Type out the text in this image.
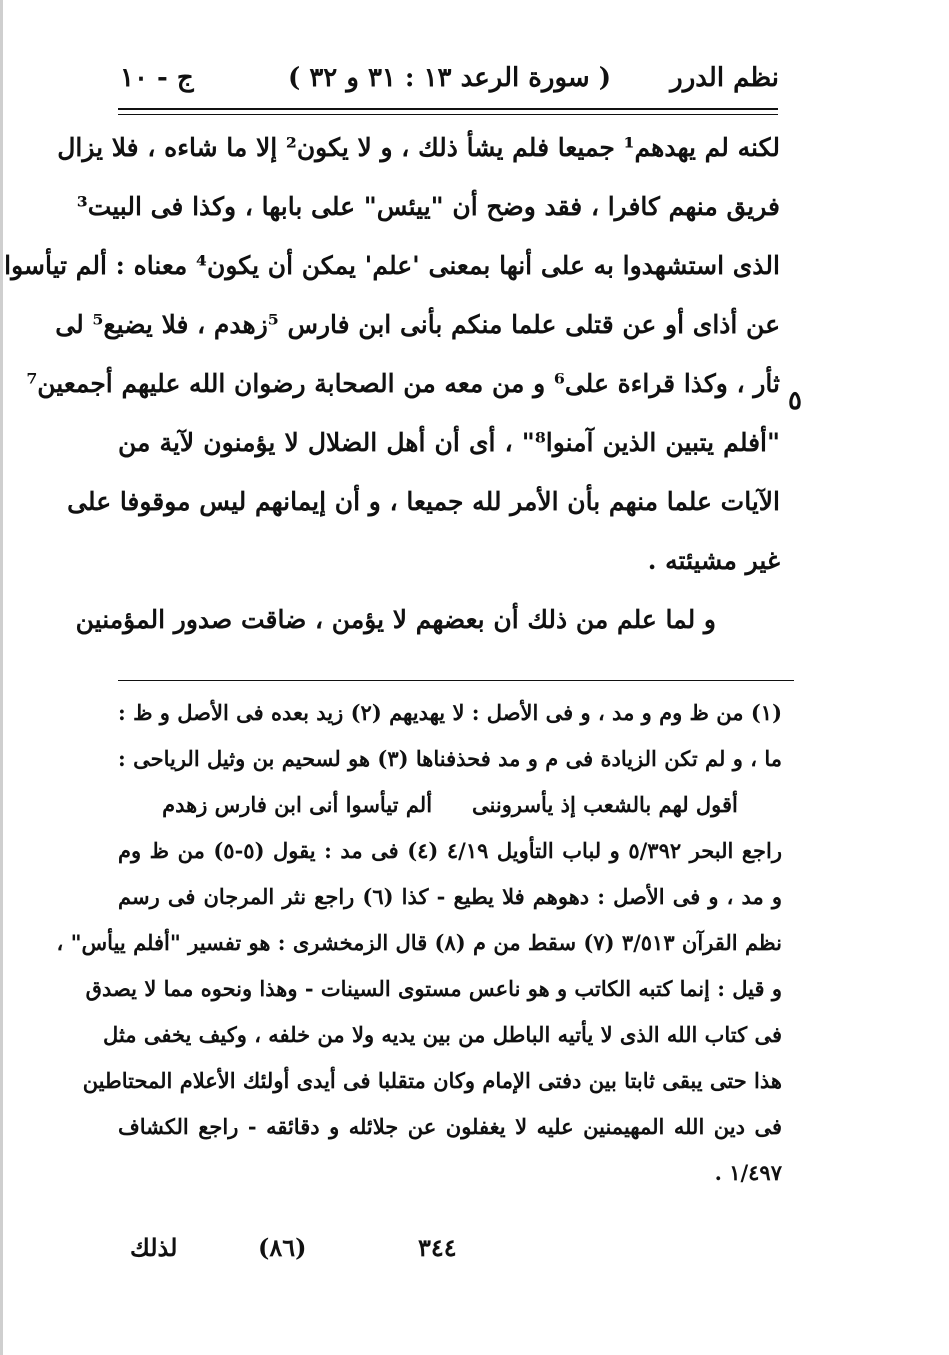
نظم الدرر
( سورة الرعد ١٣ : ٣١ و ٣٢ )
ج - ١٠
لكنه لم يهدهم¹ جميعا فلم يشأ ذلك ، و لا يكون² إلا ما شاءه ، فلا يزال
فريق منهم كافرا ، فقد وضح أن "ييئس" على بابها ، وكذا فى البيت³
الذى استشهدوا به على أنها بمعنى 'علم' يمكن أن يكون⁴ معناه : ألم تيأسوا
عن أذاى أو عن قتلى علما منكم بأنى ابن فارس ⁵زهدم ، فلا يضيع⁵ لى
ثأر ، وكذا قراءة على⁶ و من معه من الصحابة رضوان الله عليهم أجمعين⁷
"أفلم يتبين الذين آمنوا⁸" ، أى أن أهل الضلال لا يؤمنون لآية من
الآيات علما منهم بأن الأمر لله جميعا ، و أن إيمانهم ليس موقوفا على
غير مشيئته .
و لما علم من ذلك أن بعضهم لا يؤمن ، ضاقت صدور المؤمنين
٥
(١) من ظ وم و مد ، و فى الأصل : لا يهديهم (٢) زيد بعده فى الأصل و ظ :
ما ، و لم تكن الزيادة فى م و مد فحذفناها (٣) هو لسحيم بن وثيل الرياحى :
أقول لهم بالشعب إذ يأسروننىألم تيأسوا أنى ابن فارس زهدم
راجع البحر ٥/٣٩٢ و لباب التأويل ٤/١٩ (٤) فى مد : يقول (٥-٥) من ظ وم
و مد ، و فى الأصل : دهوهم فلا يطيع - كذا (٦) راجع نثر المرجان فى رسم
نظم القرآن ٣/٥١٣ (٧) سقط من م (٨) قال الزمخشرى : هو تفسير "أفلم ييأس" ،
و قيل : إنما كتبه الكاتب و هو ناعس مستوى السينات - وهذا ونحوه مما لا يصدق
فى كتاب الله الذى لا يأتيه الباطل من بين يديه ولا من خلفه ، وكيف يخفى مثل
هذا حتى يبقى ثابتا بين دفتى الإمام وكان متقلبا فى أيدى أولئك الأعلام المحتاطين
فى دين الله المهيمنين عليه لا يغفلون عن جلائله و دقائقه - راجع الكشاف
١/٤٩٧ .
٣٤٤
(٨٦)
لذلك
